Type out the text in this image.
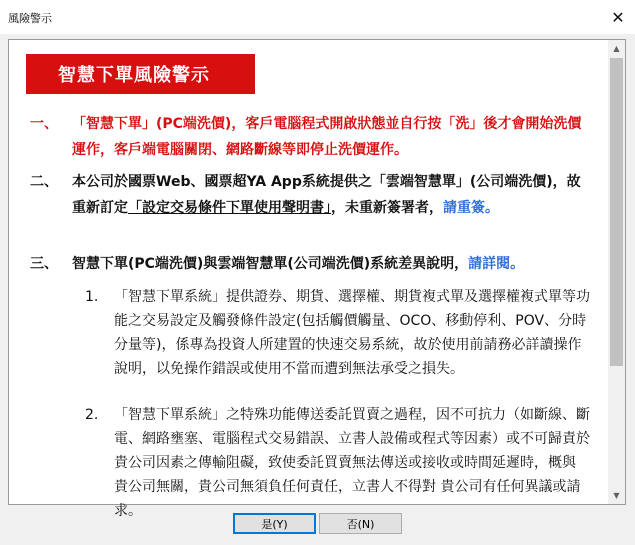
風險警示	✕
智慧下單風險警示
一、 「智慧下單」(PC端洗價)，客戶電腦程式開啟狀態並自行按「洗」後才會開始洗價運作，客戶端電腦關閉、網路斷線等即停止洗價運作。
二、 本公司於國票Web、國票超YA App系統提供之「雲端智慧單」(公司端洗價)，故重新訂定「設定交易條件下單使用聲明書」，未重新簽署者，請重簽。
三、 智慧下單(PC端洗價)與雲端智慧單(公司端洗價)系統差異說明，請詳閱。
1. 「智慧下單系統」提供證券、期貨、選擇權、期貨複式單及選擇權複式單等功能之交易設定及觸發條件設定(包括觸價觸量、OCO、移動停利、POV、分時分量等)，係專為投資人所建置的快速交易系統，故於使用前請務必詳讀操作說明，以免操作錯誤或使用不當而遭到無法承受之損失。
2. 「智慧下單系統」之特殊功能傳送委託買賣之過程，因不可抗力（如斷線、斷電、網路壅塞、電腦程式交易錯誤、立書人設備或程式等因素）或不可歸責於 貴公司因素之傳輸阻礙，致使委託買賣無法傳送或接收或時間延遲時，概與 貴公司無關，貴公司無須負任何責任，立書人不得對 貴公司有任何異議或請求。
▲
▼
是(Y)	否(N)
